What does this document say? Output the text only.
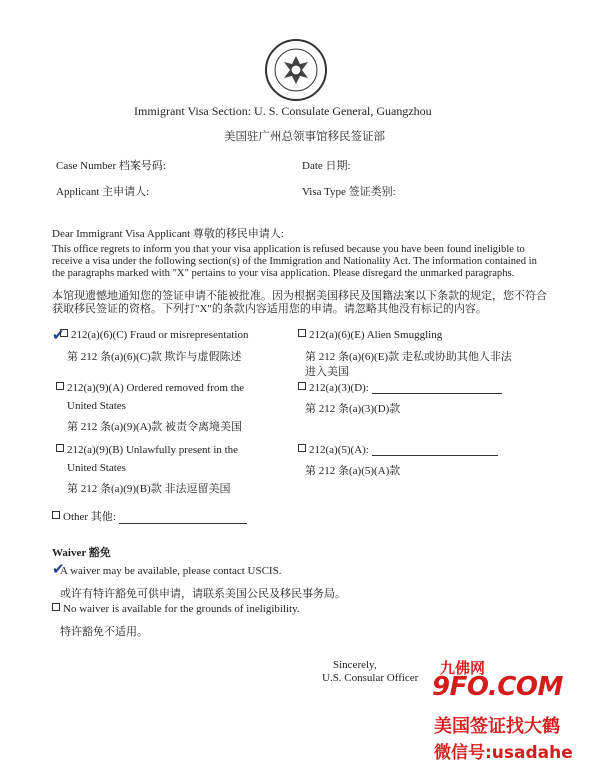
Immigrant Visa Section: U. S. Consulate General, Guangzhou
美国驻广州总领事馆移民签证部
Case Number 档案号码:	Date 日期:
Applicant 主申请人:	Visa Type 签证类别:
Dear Immigrant Visa Applicant 尊敬的移民申请人:
This office regrets to inform you that your visa application is refused because you have been found ineligible to receive a visa under the following section(s) of the Immigration and Nationality Act. The information contained in the paragraphs marked with "X" pertains to your visa application. Please disregard the unmarked paragraphs.
本馆现遗憾地通知您的签证申请不能被批准。因为根据美国移民及国籍法案以下条款的规定，您不符合获取移民签证的资格。下列打"X"的条款内容适用您的申请。请忽略其他没有标记的内容。
✔ 212(a)(6)(C) Fraud or misrepresentation
第 212 条(a)(6)(C)款 欺诈与虚假陈述
212(a)(9)(A) Ordered removed from the
United States
第 212 条(a)(9)(A)款 被责令离境美国
212(a)(9)(B) Unlawfully present in the
United States
第 212 条(a)(9)(B)款 非法逗留美国
Other 其他:
212(a)(6)(E) Alien Smuggling
第 212 条(a)(6)(E)款 走私或协助其他人非法
进入美国
212(a)(3)(D):
第 212 条(a)(3)(D)款
212(a)(5)(A):
第 212 条(a)(5)(A)款
Waiver 豁免
✔
A waiver may be available, please contact USCIS.
或许有特许豁免可供申请，请联系美国公民及移民事务局。
No waiver is available for the grounds of ineligibility.
特许豁免不适用。
Sincerely,
U.S. Consular Officer
九佛网
9FO.COM
美国签证找大鹤
微信号:usadahe
